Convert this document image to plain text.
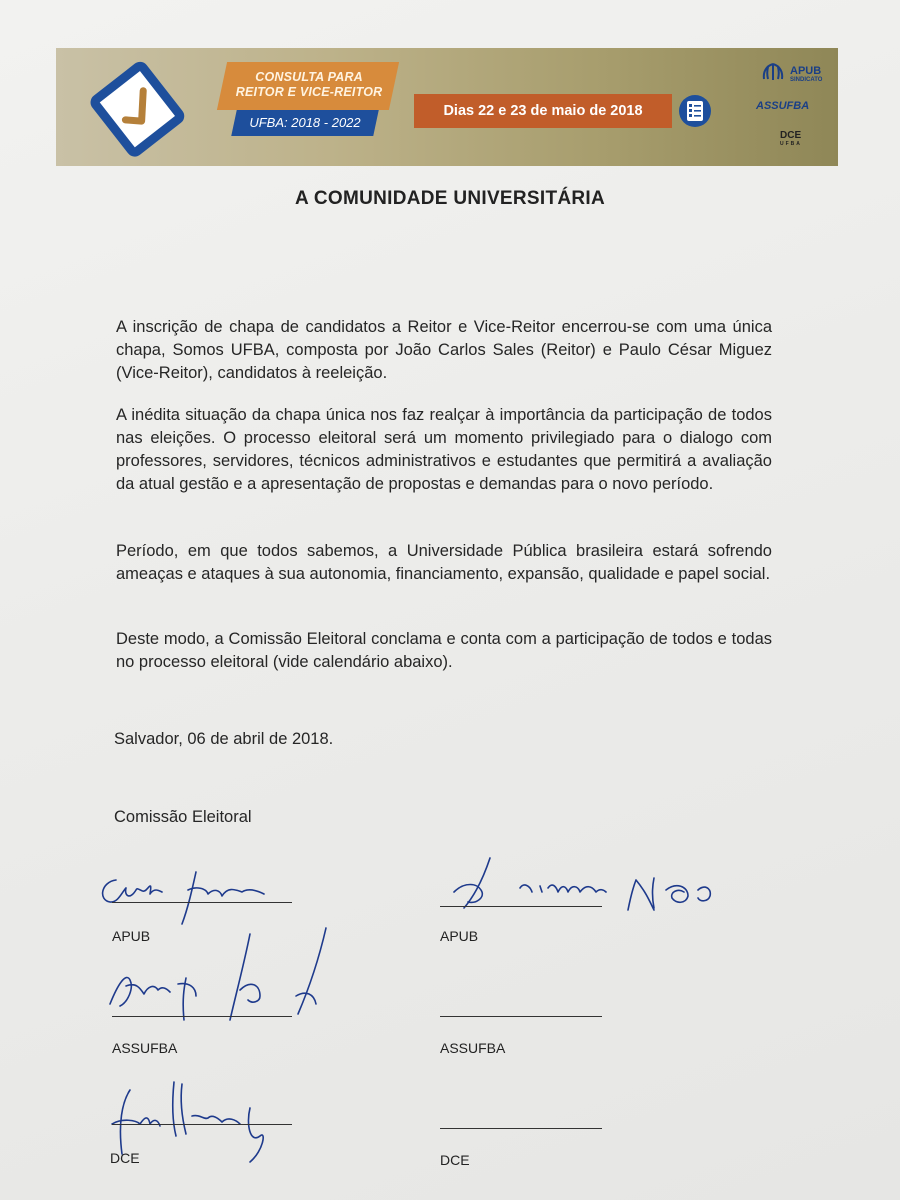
CONSULTA PARA
REITOR E VICE-REITOR
UFBA: 2018 - 2022
Dias 22 e 23 de maio de 2018
APUB
SINDICATO
ASSUFBA
DCE
UFBA
A COMUNIDADE UNIVERSITÁRIA

A inscrição de chapa de candidatos a Reitor e Vice-Reitor encerrou-se com uma única chapa, Somos UFBA, composta por João Carlos Sales (Reitor) e Paulo César Miguez (Vice-Reitor), candidatos à reeleição.

A inédita situação da chapa única nos faz realçar à importância da participação de todos nas eleições. O processo eleitoral será um momento privilegiado para o dialogo com professores, servidores, técnicos administrativos e estudantes que permitirá a avaliação da atual gestão e a apresentação de propostas e demandas para o novo período.

Período, em que todos sabemos, a Universidade Pública brasileira estará sofrendo ameaças e ataques à sua autonomia, financiamento, expansão, qualidade e papel social.

Deste modo, a Comissão Eleitoral conclama e conta com a participação de todos e todas no processo eleitoral (vide calendário abaixo).

Salvador, 06 de abril de 2018.

Comissão Eleitoral

APUB

ASSUFBA

DCE

APUB

ASSUFBA

DCE
